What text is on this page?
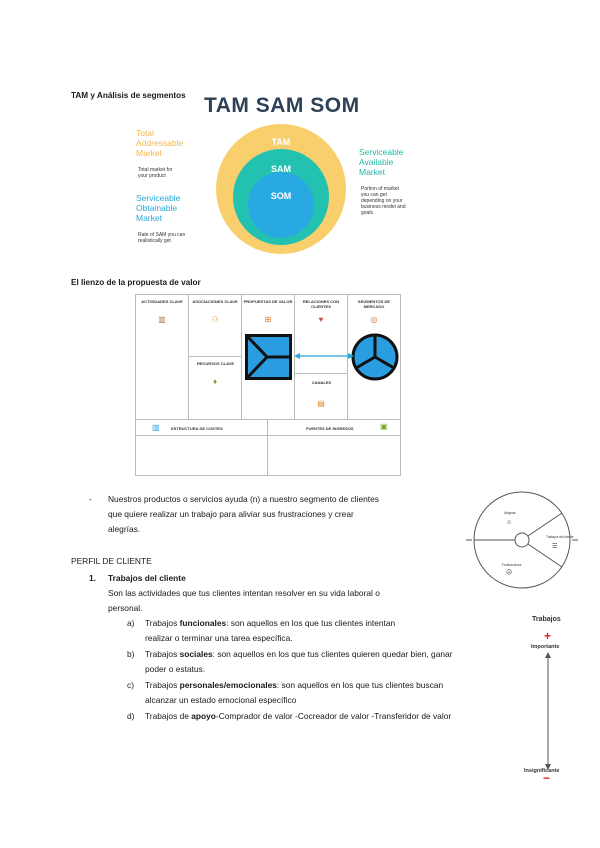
TAM y Análisis de segmentos TAM SAM SOM
TAM
SAM
SOM
Total
Addressable
Market
Total market for
your product
Serviceable
Obtainable
Market
Rate of SAM you can
realistically get
Serviceable
Available
Market
Portion of market
you can get
depending on your
business model and
goals
El lienzo de la propuesta de valor
ACTIVIDADES CLAVE
▥
ASOCIACIONES CLAVE
⚇
RECURSOS CLAVE
♦
PROPUESTAS DE VALOR
⊞
RELACIONES CON CLIENTES
♥
CANALES
▤
SEGMENTOS DE MERCADO
◎
▥	ESTRUCTURA DE COSTES	FUENTES DE INGRESOS	▣
- Nuestros productos o servicios ayuda (n) a nuestro segmento de clientes
que quiere realizar un trabajo para aliviar sus frustraciones y crear
alegrías.
Alegrías
☺
Frustraciones
☹
Trabajos del cliente
☰
PERFIL DE CLIENTE
1. Trabajos del cliente
Son las actividades que tus clientes intentan resolver en su vida laboral o
personal.
a) Trabajos funcionales: son aquellos en los que tus clientes intentan
realizar o terminar una tarea específica.
b) Trabajos sociales: son aquellos en los que tus clientes quieren quedar bien, ganar
poder o estatus.
c) Trabajos personales/emocionales: son aquellos en los que tus clientes buscan
alcanzar un estado emocional específico
d) Trabajos de apoyo-Comprador de valor -Cocreador de valor -Transferidor de valor
Trabajos
+
Importante
Insignificante
−
